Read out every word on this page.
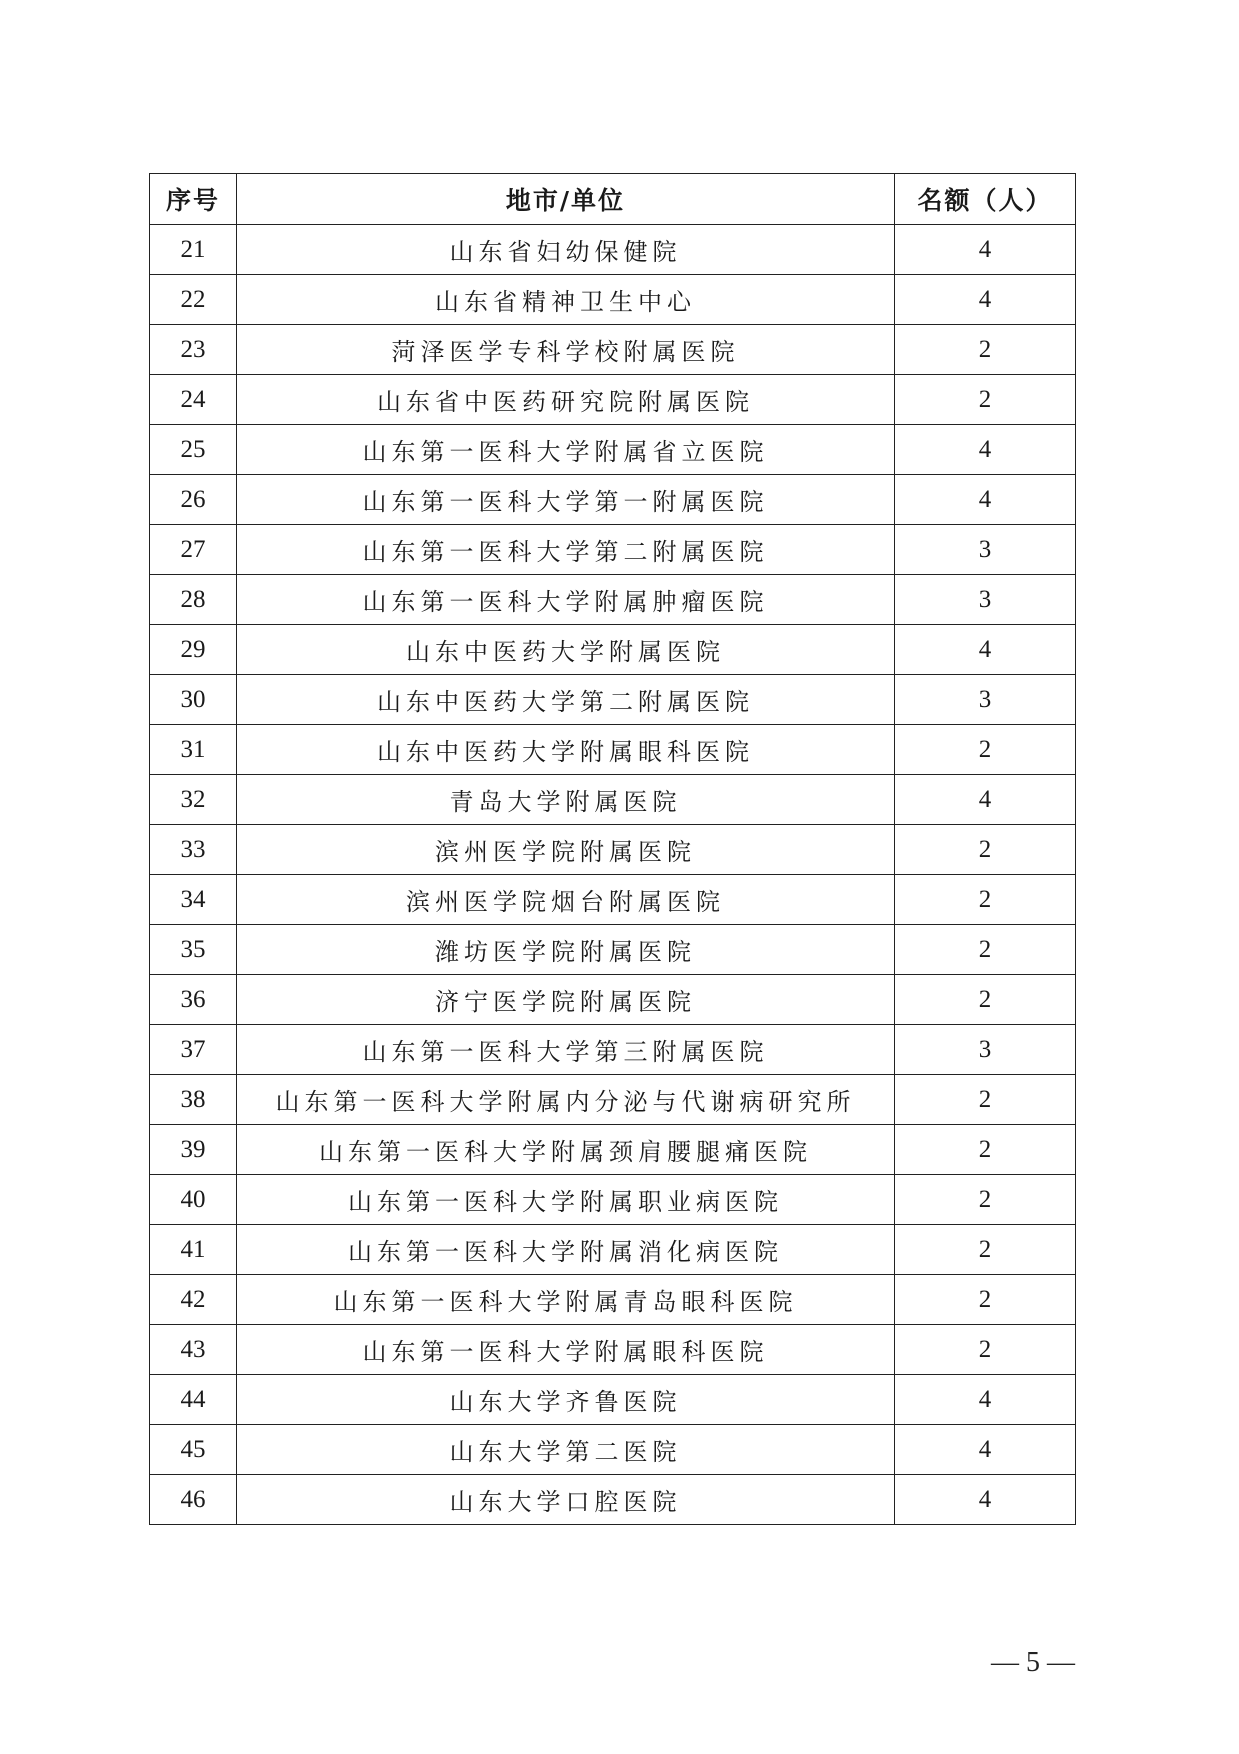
序号	地市/单位	名额（人）
21	山东省妇幼保健院	4
22	山东省精神卫生中心	4
23	菏泽医学专科学校附属医院	2
24	山东省中医药研究院附属医院	2
25	山东第一医科大学附属省立医院	4
26	山东第一医科大学第一附属医院	4
27	山东第一医科大学第二附属医院	3
28	山东第一医科大学附属肿瘤医院	3
29	山东中医药大学附属医院	4
30	山东中医药大学第二附属医院	3
31	山东中医药大学附属眼科医院	2
32	青岛大学附属医院	4
33	滨州医学院附属医院	2
34	滨州医学院烟台附属医院	2
35	潍坊医学院附属医院	2
36	济宁医学院附属医院	2
37	山东第一医科大学第三附属医院	3
38	山东第一医科大学附属内分泌与代谢病研究所	2
39	山东第一医科大学附属颈肩腰腿痛医院	2
40	山东第一医科大学附属职业病医院	2
41	山东第一医科大学附属消化病医院	2
42	山东第一医科大学附属青岛眼科医院	2
43	山东第一医科大学附属眼科医院	2
44	山东大学齐鲁医院	4
45	山东大学第二医院	4
46	山东大学口腔医院	4
— 5 —
